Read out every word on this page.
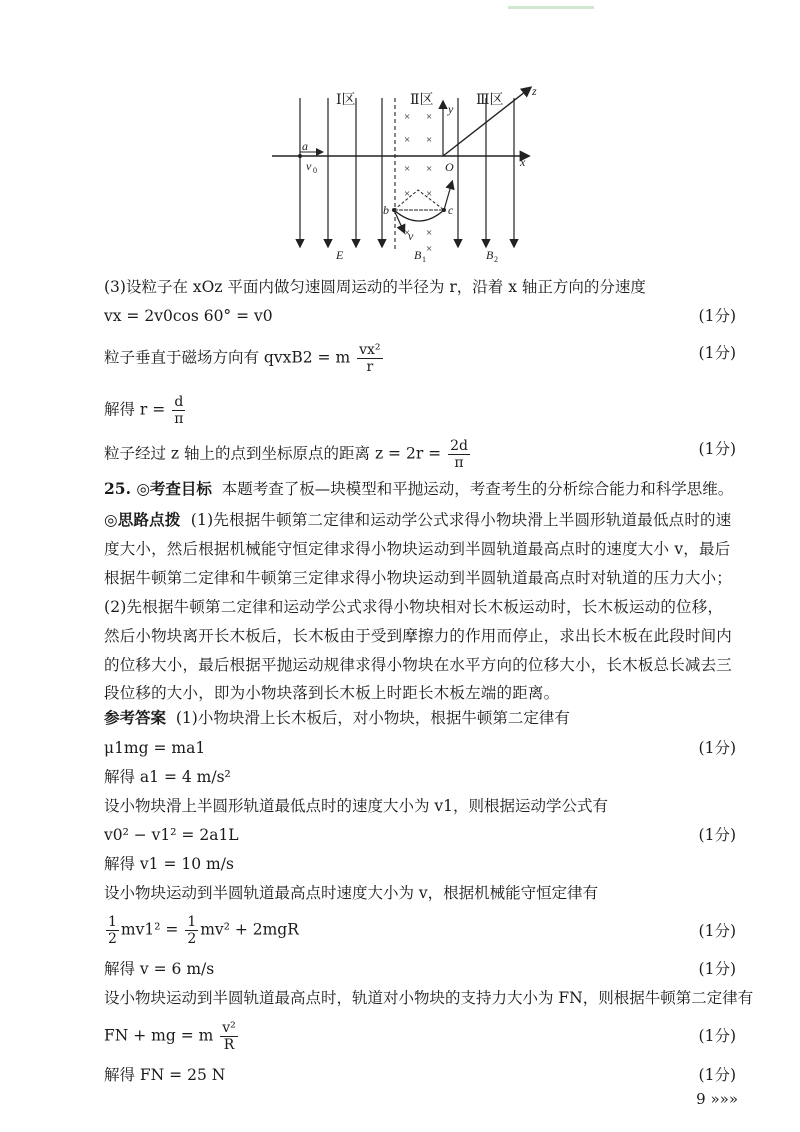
× ×
× ×
× ×
× ×
× ×
×
Ⅰ区	Ⅱ区	Ⅲ区
a
v 0	O	x
y
z
b	c
v
E	B 1	B 2
(3)设粒子在 xOz 平面内做匀速圆周运动的半径为 r，沿着 x 轴正方向的分速度
vx = 2v0cos 60° = v0	(1分)
粒子垂直于磁场方向有 qvxB2 = m $\frac{\text{vx²}}{r}$	(1分)
解得 $r = \frac{d}{\pi}$
粒子经过 z 轴上的点到坐标原点的距离 $z = 2r = \frac{2d}{\pi}$	(1分)
25. ◎考查目标 本题考查了板—块模型和平抛运动，考查考生的分析综合能力和科学思维。
◎思路点拨 (1)先根据牛顿第二定律和运动学公式求得小物块滑上半圆形轨道最低点时的速度大小，然后根据机械能守恒定律求得小物块运动到半圆轨道最高点时的速度大小 v，最后根据牛顿第二定律和牛顿第三定律求得小物块运动到半圆轨道最高点时对轨道的压力大小；
(2)先根据牛顿第二定律和运动学公式求得小物块相对长木板运动时，长木板运动的位移，然后小物块离开长木板后，长木板由于受到摩擦力的作用而停止，求出长木板在此段时间内的位移大小，最后根据平抛运动规律求得小物块在水平方向的位移大小，长木板总长减去三段位移的大小，即为小物块落到长木板上时距长木板左端的距离。
参考答案 (1)小物块滑上长木板后，对小物块，根据牛顿第二定律有
μ1mg = ma1	(1分)
解得 a1 = 4 m/s²
设小物块滑上半圆形轨道最低点时的速度大小为 v1，则根据运动学公式有
v0² − v1² = 2a1L	(1分)
解得 v1 = 10 m/s
设小物块运动到半圆轨道最高点时速度大小为 v，根据机械能守恒定律有
$\frac{1}{2} mv1^2 = \frac{1}{2} mv^2 + 2mgR$	(1分)
解得 v = 6 m/s	(1分)
设小物块运动到半圆轨道最高点时，轨道对小物块的支持力大小为 FN，则根据牛顿第二定律有
FN + mg = m $\frac{\text{v²}}{R}$	(1分)
解得 FN = 25 N	(1分)
9 »»»
